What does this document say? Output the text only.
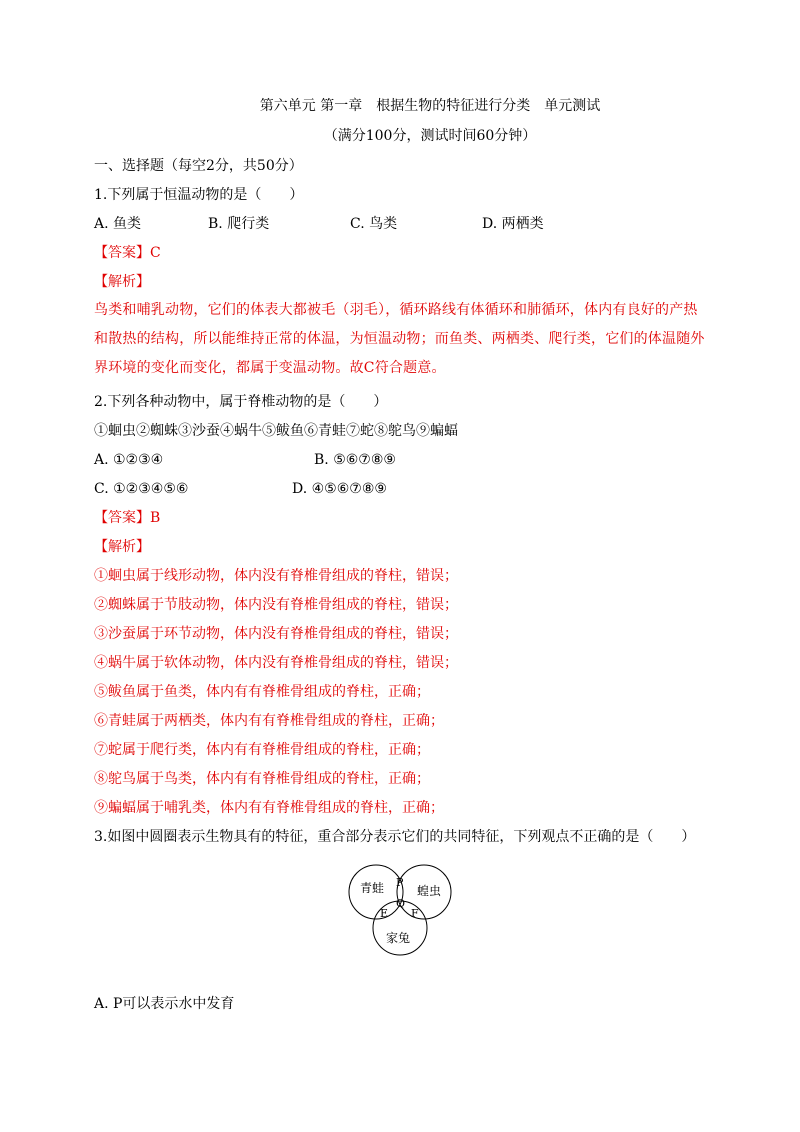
第六单元 第一章　根据生物的特征进行分类　单元测试
（满分100分，测试时间60分钟）
一、选择题（每空2分，共50分）
1.下列属于恒温动物的是（　　）
A. 鱼类	B. 爬行类	C. 鸟类	D. 两栖类
【答案】C
【解析】
鸟类和哺乳动物，它们的体表大都被毛（羽毛），循环路线有体循环和肺循环，体内有良好的产热和散热的结构，所以能维持正常的体温，为恒温动物；而鱼类、两栖类、爬行类，它们的体温随外界环境的变化而变化，都属于变温动物。故C符合题意。
2.下列各种动物中，属于脊椎动物的是（　　）
①蛔虫②蜘蛛③沙蚕④蜗牛⑤鲅鱼⑥青蛙⑦蛇⑧鸵鸟⑨蝙蝠
A. ①②③④	B. ⑤⑥⑦⑧⑨
C. ①②③④⑤⑥	D. ④⑤⑥⑦⑧⑨
【答案】B
【解析】
①蛔虫属于线形动物，体内没有脊椎骨组成的脊柱，错误；
②蜘蛛属于节肢动物，体内没有脊椎骨组成的脊柱，错误；
③沙蚕属于环节动物，体内没有脊椎骨组成的脊柱，错误；
④蜗牛属于软体动物，体内没有脊椎骨组成的脊柱，错误；
⑤鲅鱼属于鱼类，体内有有脊椎骨组成的脊柱，正确；
⑥青蛙属于两栖类，体内有有脊椎骨组成的脊柱，正确；
⑦蛇属于爬行类，体内有有脊椎骨组成的脊柱，正确；
⑧鸵鸟属于鸟类，体内有有脊椎骨组成的脊柱，正确；
⑨蝙蝠属于哺乳类，体内有有脊椎骨组成的脊柱，正确；
3.如图中圆圈表示生物具有的特征，重合部分表示它们的共同特征，下列观点不正确的是（　　）
青蛙	蝗虫
家兔
P
Q
E F
A. P可以表示水中发育
